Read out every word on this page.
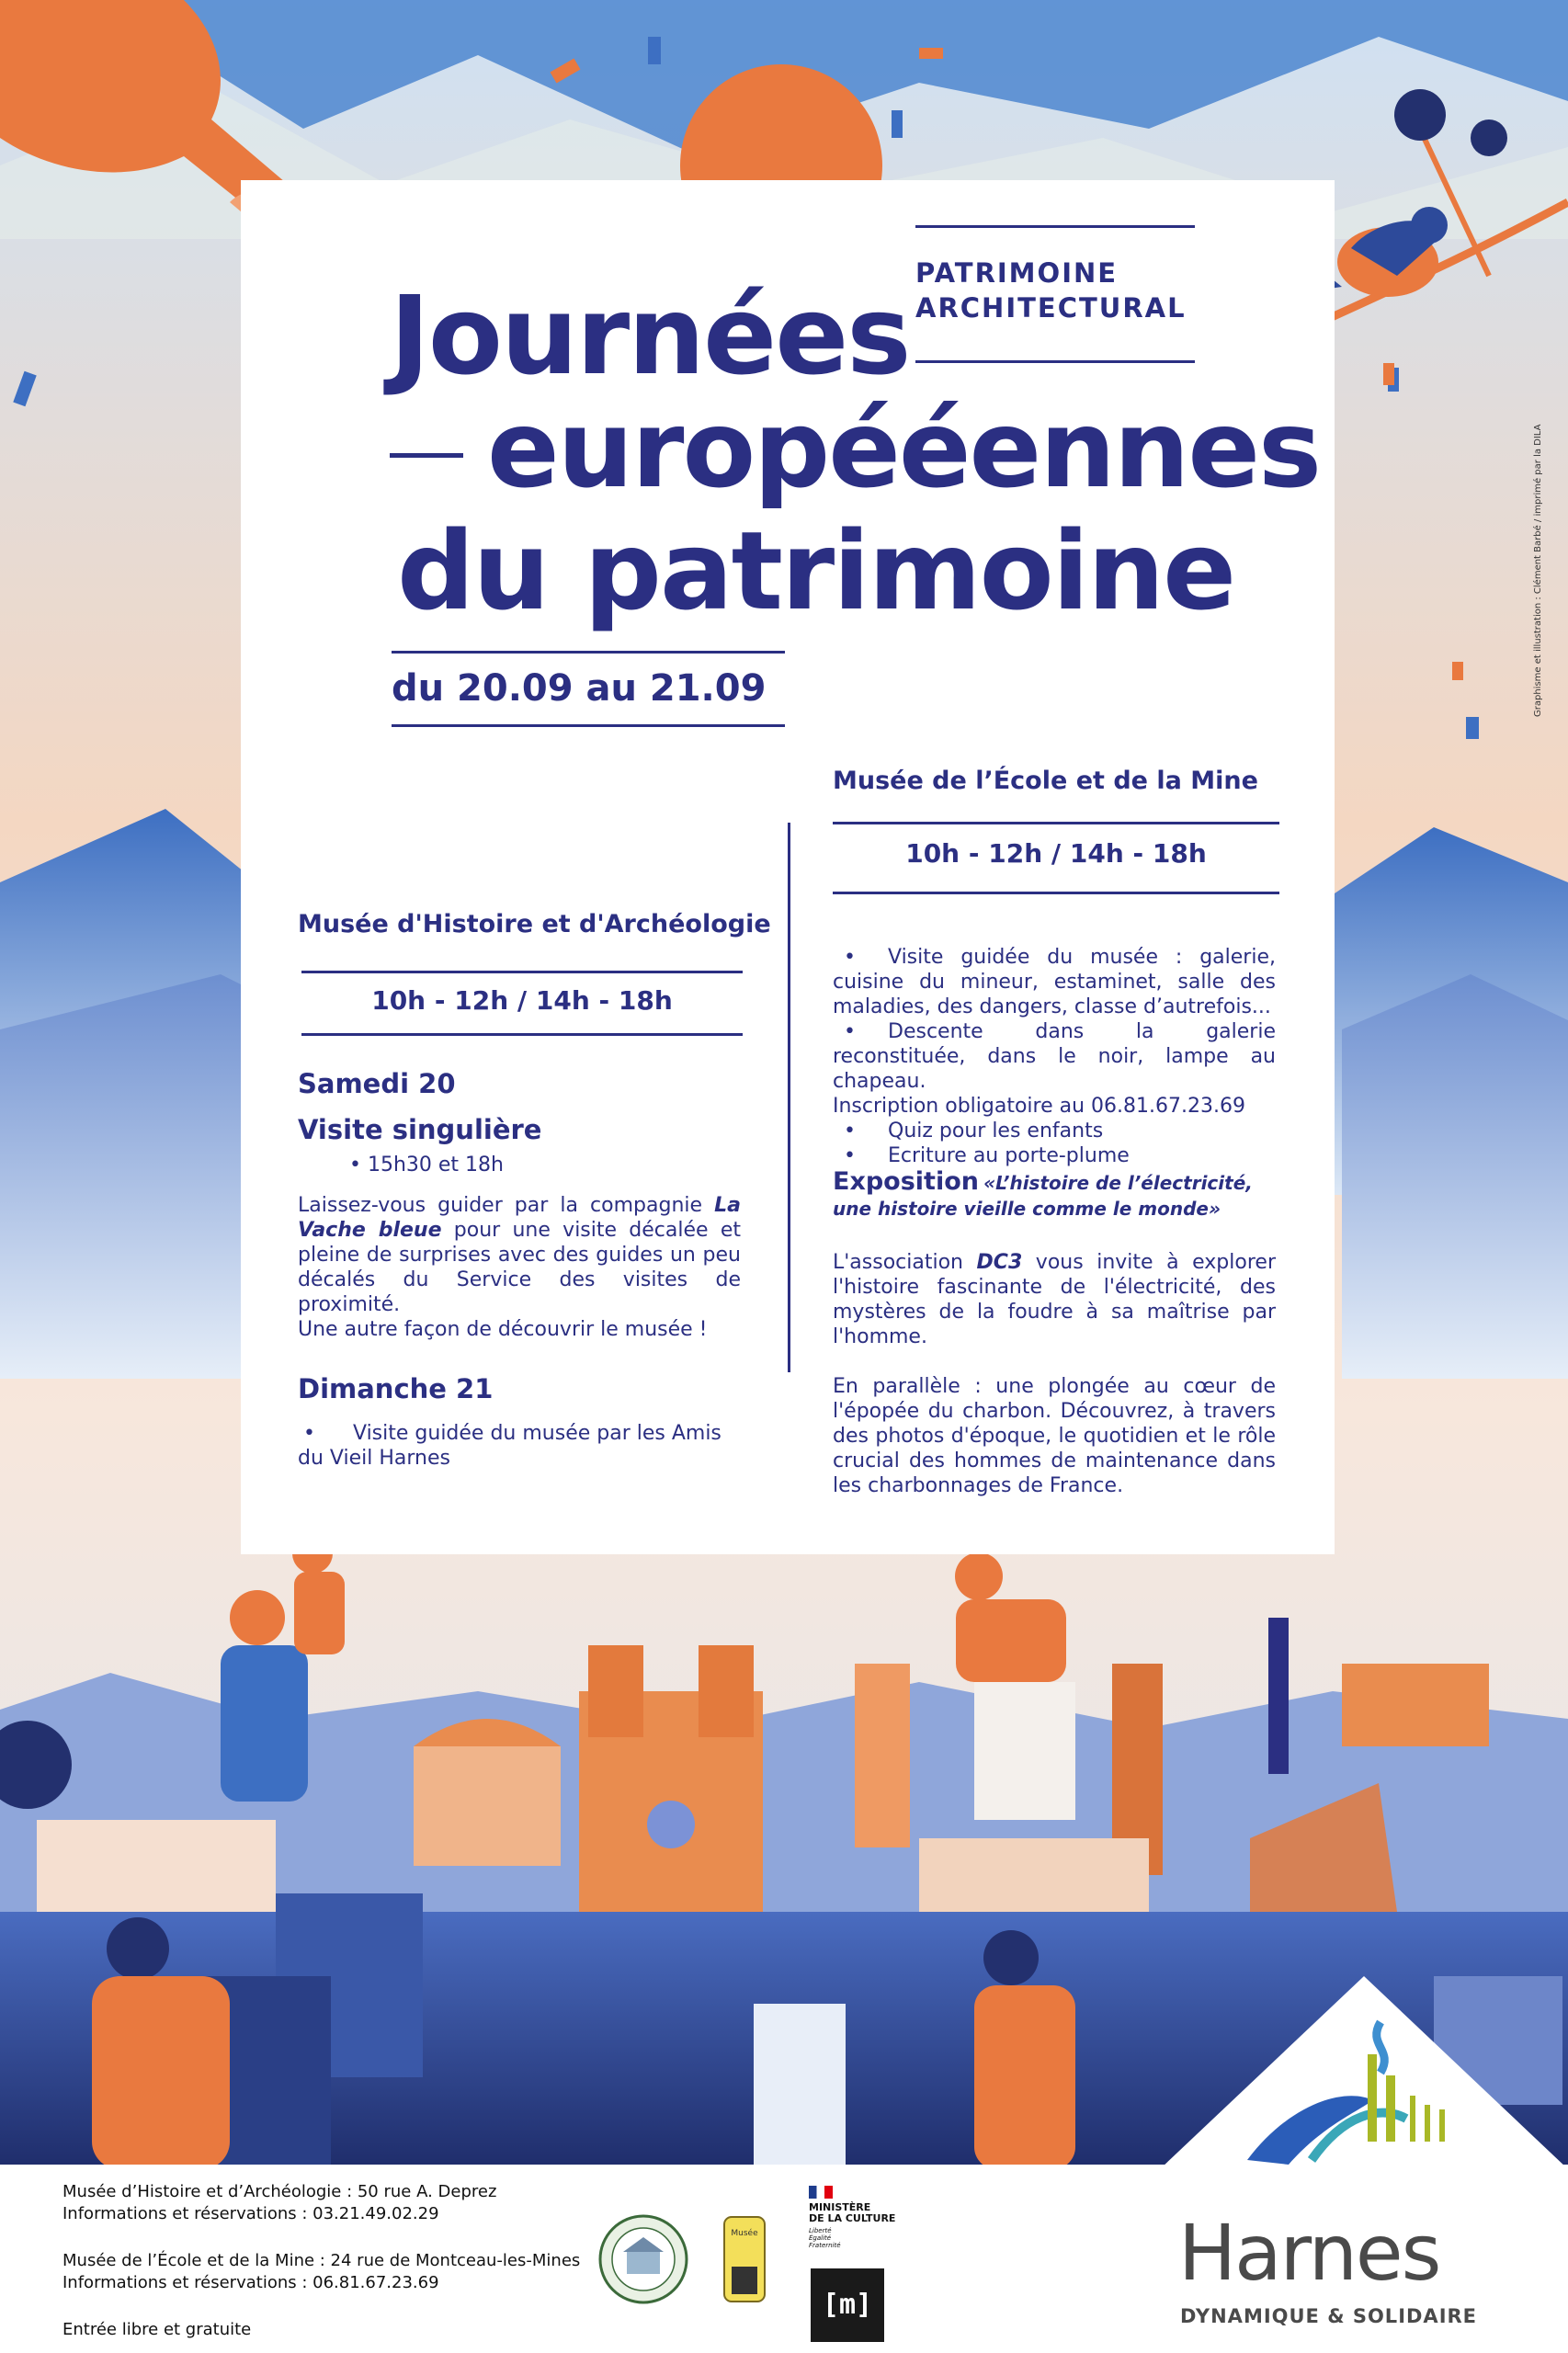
PATRIMOINE
ARCHITECTURAL
Journées
europééennes
du patrimoine
du 20.09 au 21.09
Musée d'Histoire et d'Archéologie
10h - 12h / 14h - 18h
Samedi 20
Visite singulière
• 15h30 et 18h

Laissez-vous guider par la compagnie La Vache bleue pour une visite décalée et pleine de surprises avec des guides un peu décalés du Service des visites de proximité.

Une autre façon de découvrir le musée !
Dimanche 21
• Visite guidée du musée par les Amis du Vieil Harnes
Musée de l’École et de la Mine
10h - 12h / 14h - 18h

• Visite guidée du musée : galerie, cuisine du mineur, estaminet, salle des maladies, des dangers, classe d’autrefois...

• Descente dans la galerie reconstituée, dans le noir, lampe au chapeau.

Inscription obligatoire au 06.81.67.23.69

• Quiz pour les enfants

• Ecriture au porte-plume

Exposition «L’histoire de l’électricité, une histoire vieille comme le monde»

L'association DC3 vous invite à explorer l'histoire fascinante de l'électricité, des mystères de la foudre à sa maîtrise par l'homme.

En parallèle : une plongée au cœur de l'épopée du charbon. Découvrez, à travers des photos d'époque, le quotidien et le rôle crucial des hommes de maintenance dans les charbonnages de France.

Graphisme et illustration : Clément Barbé / imprimé par la DILA
Musée d’Histoire et d’Archéologie : 50 rue A. Deprez
Informations et réservations : 03.21.49.02.29
Musée de l’École et de la Mine : 24 rue de Montceau-les-Mines
Informations et réservations : 06.81.67.23.69
Entrée libre et gratuite
Musée
MINISTÈRE
DE LA CULTURE
Liberté
Égalité
Fraternité
[m]
Harnes
DYNAMIQUE & SOLIDAIRE
